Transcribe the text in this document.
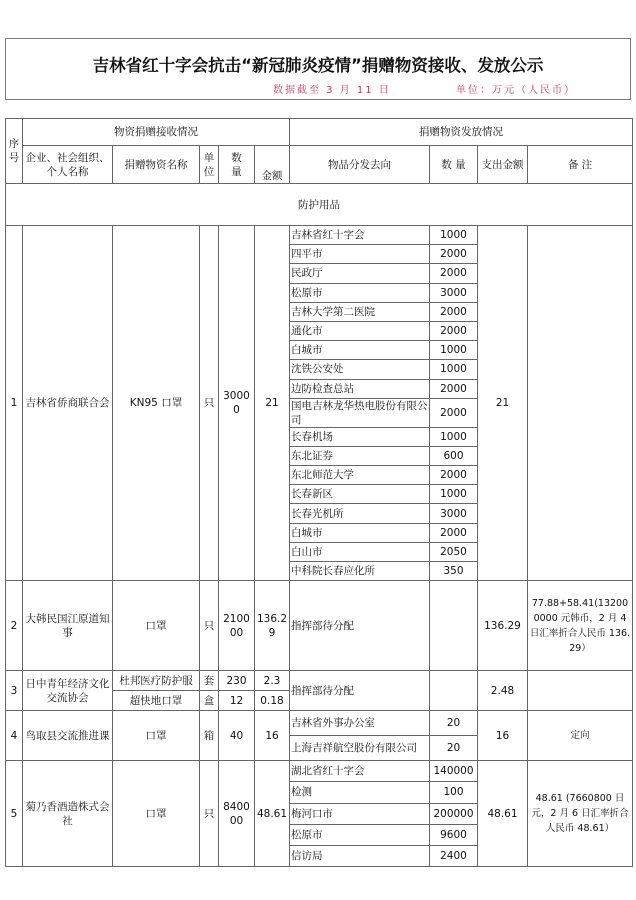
吉林省红十字会抗击“新冠肺炎疫情”捐赠物资接收、发放公示
数据截至 3 月 11 日	单位：万元（人民币）
序号	物资捐赠接收情况					捐赠物资发放情况			
	企业、社会组织、个人名称	捐赠物资名称	单位	数量	金额	物品分发去向	数 量	支出金额	备 注
防护用品									
1	吉林省侨商联合会	KN95 口罩	只	30000	21	吉林省红十字会	1000	21	
						四平市	2000		
						民政厅	2000		
						松原市	3000		
						吉林大学第二医院	2000		
						通化市	2000		
						白城市	1000		
						沈铁公安处	1000		
						边防检查总站	2000		
						国电吉林龙华热电股份有限公司	2000		
						长春机场	1000		
						东北证券	600		
						东北师范大学	2000		
						长春新区	1000		
						长春光机所	3000		
						白城市	2000		
						白山市	2050		
						中科院长春应化所	350		
2	大韩民国江原道知事	口罩	只	210000	136.29	指挥部待分配		136.29	77.88+58.41(132000000 元韩币，2 月 4 日汇率折合人民币 136.29）
3	日中青年经济文化交流协会	杜邦医疗防护服	套	230	2.3	指挥部待分配		2.48	
		超快地口罩	盒	12	0.18				
4	鸟取县交流推进课	口罩	箱	40	16	吉林省外事办公室	20	16	定向
						上海吉祥航空股份有限公司	20		
5	菊乃香酒造株式会社	口罩	只	840000	48.61	湖北省红十字会	140000	48.61	48.61 (7660800 日元，2 月 6 日汇率折合人民币 48.61）
						检测	100		
						梅河口市	200000		
						松原市	9600		
						信访局	2400		
